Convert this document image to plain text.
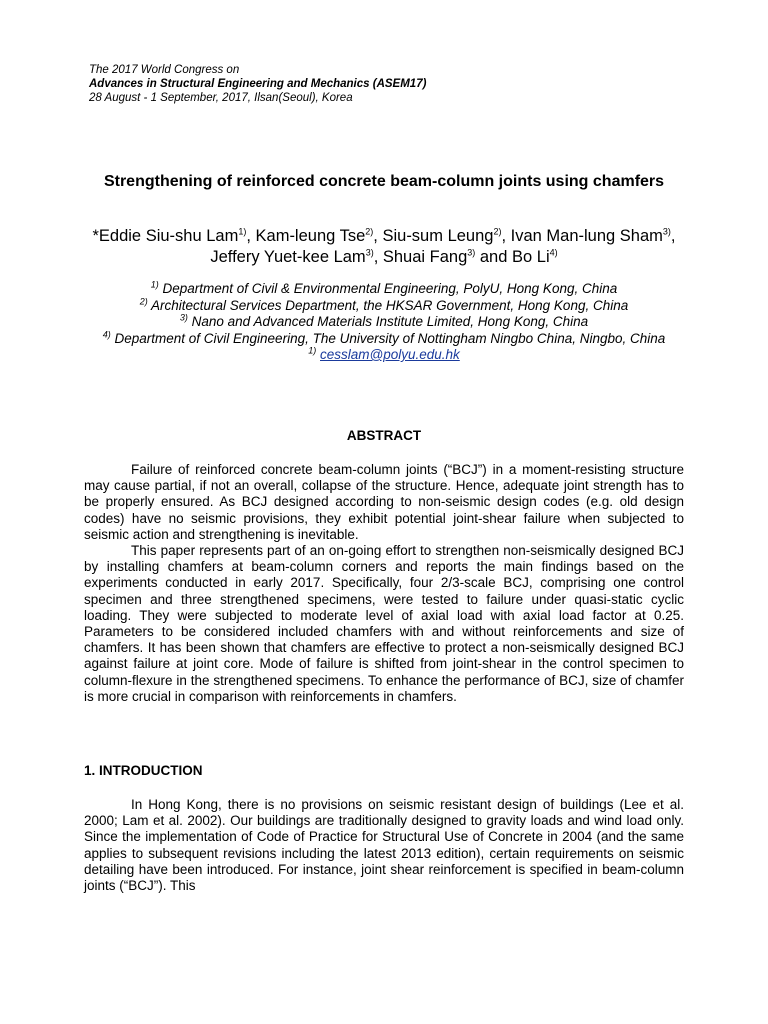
The 2017 World Congress on
Advances in Structural Engineering and Mechanics (ASEM17)
28 August - 1 September, 2017, Ilsan(Seoul), Korea
Strengthening of reinforced concrete beam-column joints using chamfers
*Eddie Siu-shu Lam$^{1)}$, Kam-leung Tse$^{2)}$, Siu-sum Leung$^{2)}$, Ivan Man-lung Sham$^{3)}$, Jeffery Yuet-kee Lam$^{3)}$, Shuai Fang$^{3)}$ and Bo Li$^{4)}$
$^{1)}$ Department of Civil & Environmental Engineering, PolyU, Hong Kong, China
$^{2)}$ Architectural Services Department, the HKSAR Government, Hong Kong, China
$^{3)}$ Nano and Advanced Materials Institute Limited, Hong Kong, China
$^{4)}$ Department of Civil Engineering, The University of Nottingham Ningbo China, Ningbo, China
$^{1)}$ cesslam@polyu.edu.hk
ABSTRACT
Failure of reinforced concrete beam-column joints (“BCJ”) in a moment-resisting structure may cause partial, if not an overall, collapse of the structure. Hence, adequate joint strength has to be properly ensured. As BCJ designed according to non-seismic design codes (e.g. old design codes) have no seismic provisions, they exhibit potential joint-shear failure when subjected to seismic action and strengthening is inevitable.
This paper represents part of an on-going effort to strengthen non-seismically designed BCJ by installing chamfers at beam-column corners and reports the main findings based on the experiments conducted in early 2017. Specifically, four 2/3-scale BCJ, comprising one control specimen and three strengthened specimens, were tested to failure under quasi-static cyclic loading. They were subjected to moderate level of axial load with axial load factor at 0.25. Parameters to be considered included chamfers with and without reinforcements and size of chamfers. It has been shown that chamfers are effective to protect a non-seismically designed BCJ against failure at joint core. Mode of failure is shifted from joint-shear in the control specimen to column-flexure in the strengthened specimens. To enhance the performance of BCJ, size of chamfer is more crucial in comparison with reinforcements in chamfers.
1. INTRODUCTION
In Hong Kong, there is no provisions on seismic resistant design of buildings (Lee et al. 2000; Lam et al. 2002). Our buildings are traditionally designed to gravity loads and wind load only. Since the implementation of Code of Practice for Structural Use of Concrete in 2004 (and the same applies to subsequent revisions including the latest 2013 edition), certain requirements on seismic detailing have been introduced. For instance, joint shear reinforcement is specified in beam-column joints (“BCJ”). This
